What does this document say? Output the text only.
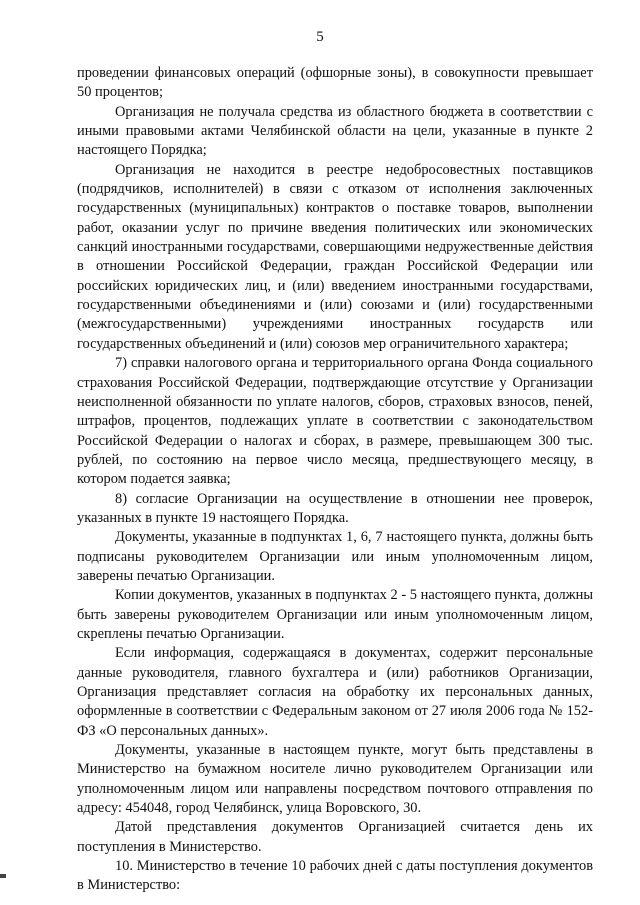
5

проведении финансовых операций (офшорные зоны), в совокупности превышает 50 процентов;

Организация не получала средства из областного бюджета в соответствии с иными правовыми актами Челябинской области на цели, указанные в пункте 2 настоящего Порядка;

Организация не находится в реестре недобросовестных поставщиков (подрядчиков, исполнителей) в связи с отказом от исполнения заключенных государственных (муниципальных) контрактов о поставке товаров, выполнении работ, оказании услуг по причине введения политических или экономических санкций иностранными государствами, совершающими недружественные действия в отношении Российской Федерации, граждан Российской Федерации или российских юридических лиц, и (или) введением иностранными государствами, государственными объединениями и (или) союзами и (или) государственными (межгосударственными) учреждениями иностранных государств или государственных объединений и (или) союзов мер ограничительного характера;

7) справки налогового органа и территориального органа Фонда социального страхования Российской Федерации, подтверждающие отсутствие у Организации неисполненной обязанности по уплате налогов, сборов, страховых взносов, пеней, штрафов, процентов, подлежащих уплате в соответствии с законодательством Российской Федерации о налогах и сборах, в размере, превышающем 300 тыс. рублей, по состоянию на первое число месяца, предшествующего месяцу, в котором подается заявка;

8) согласие Организации на осуществление в отношении нее проверок, указанных в пункте 19 настоящего Порядка.

Документы, указанные в подпунктах 1, 6, 7 настоящего пункта, должны быть подписаны руководителем Организации или иным уполномоченным лицом, заверены печатью Организации.

Копии документов, указанных в подпунктах 2 - 5 настоящего пункта, должны быть заверены руководителем Организации или иным уполномоченным лицом, скреплены печатью Организации.

Если информация, содержащаяся в документах, содержит персональные данные руководителя, главного бухгалтера и (или) работников Организации, Организация представляет согласия на обработку их персональных данных, оформленные в соответствии с Федеральным законом от 27 июля 2006 года № 152-ФЗ «О персональных данных».

Документы, указанные в настоящем пункте, могут быть представлены в Министерство на бумажном носителе лично руководителем Организации или уполномоченным лицом или направлены посредством почтового отправления по адресу: 454048, город Челябинск, улица Воровского, 30.

Датой представления документов Организацией считается день их поступления в Министерство.

10. Министерство в течение 10 рабочих дней с даты поступления документов в Министерство:
